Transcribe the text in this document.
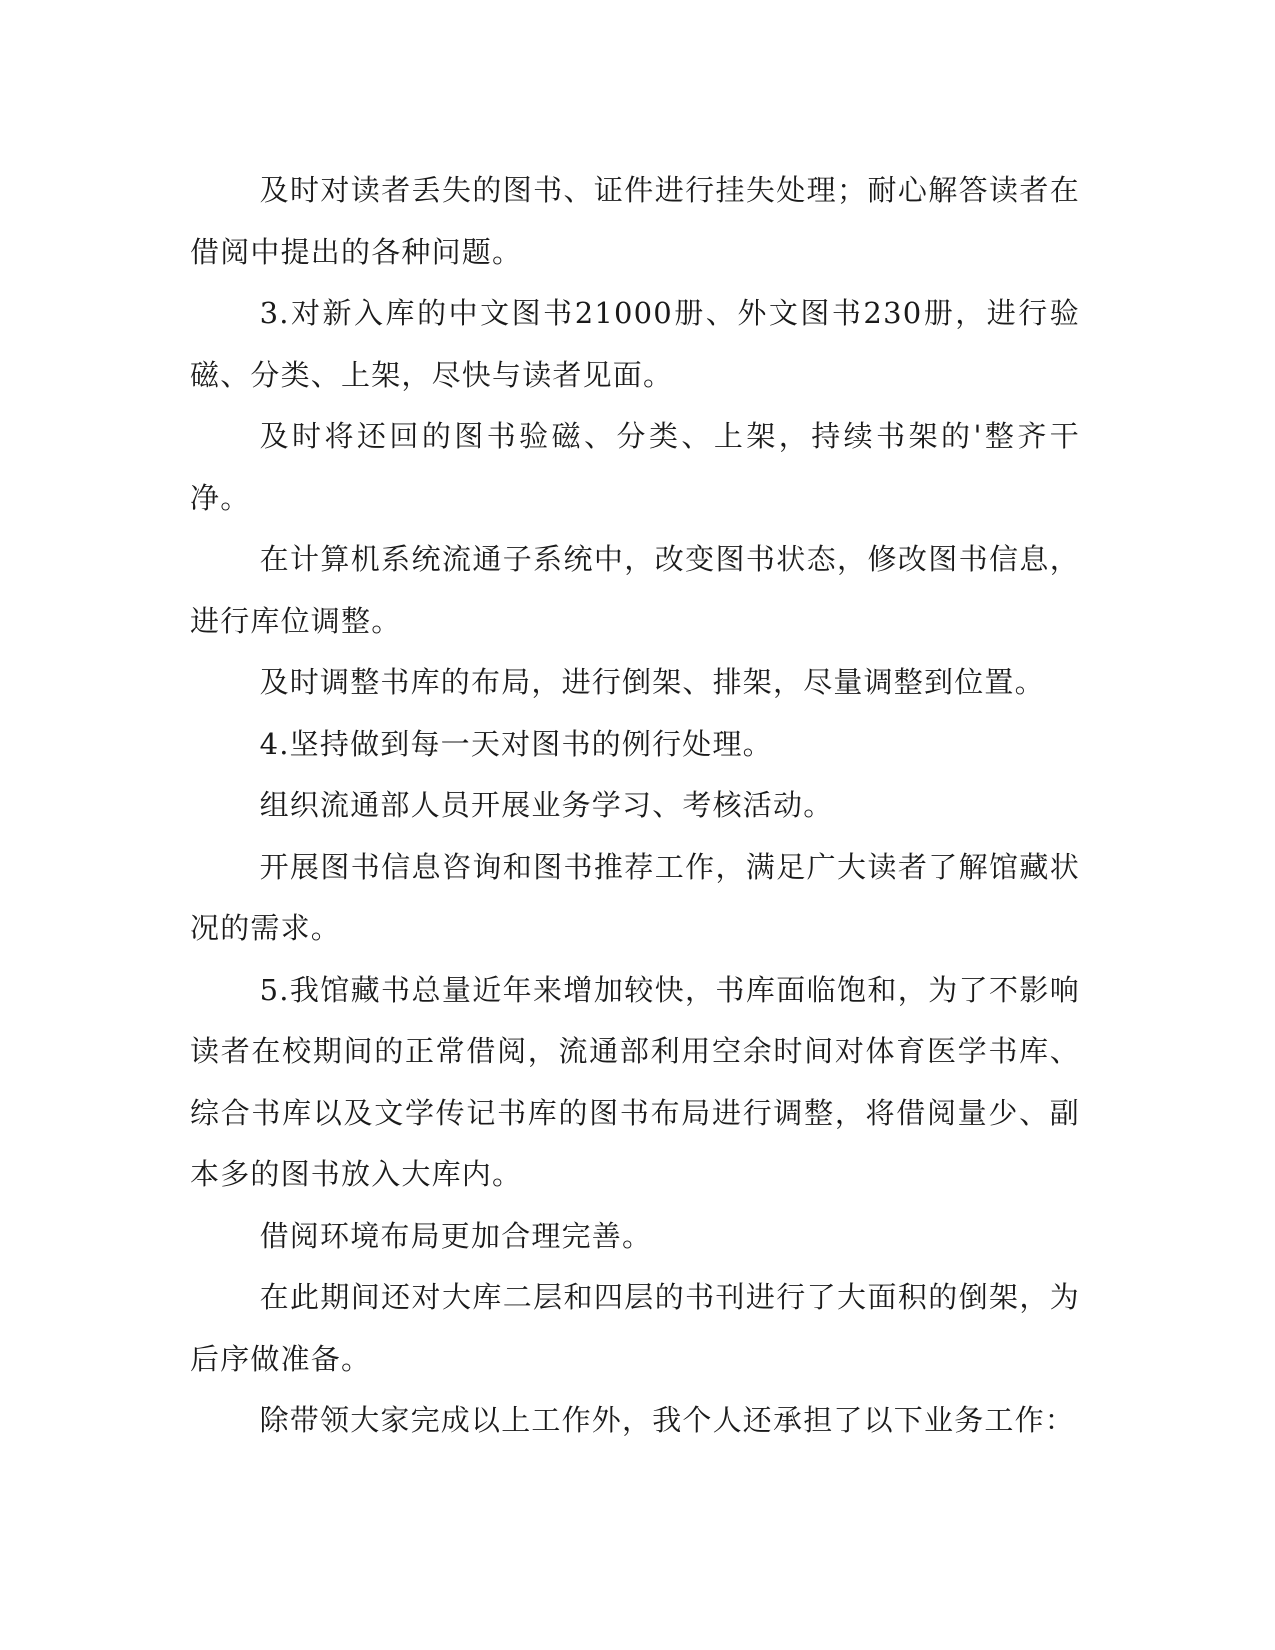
及时对读者丢失的图书、证件进行挂失处理；耐心解答读者在借阅中提出的各种问题。

3.对新入库的中文图书21000册、外文图书230册，进行验磁、分类、上架，尽快与读者见面。

及时将还回的图书验磁、分类、上架，持续书架的'整齐干净。

在计算机系统流通子系统中，改变图书状态，修改图书信息，进行库位调整。

及时调整书库的布局，进行倒架、排架，尽量调整到位置。

4.坚持做到每一天对图书的例行处理。

组织流通部人员开展业务学习、考核活动。

开展图书信息咨询和图书推荐工作，满足广大读者了解馆藏状况的需求。

5.我馆藏书总量近年来增加较快，书库面临饱和，为了不影响读者在校期间的正常借阅，流通部利用空余时间对体育医学书库、综合书库以及文学传记书库的图书布局进行调整，将借阅量少、副本多的图书放入大库内。

借阅环境布局更加合理完善。

在此期间还对大库二层和四层的书刊进行了大面积的倒架，为后序做准备。

除带领大家完成以上工作外，我个人还承担了以下业务工作：
